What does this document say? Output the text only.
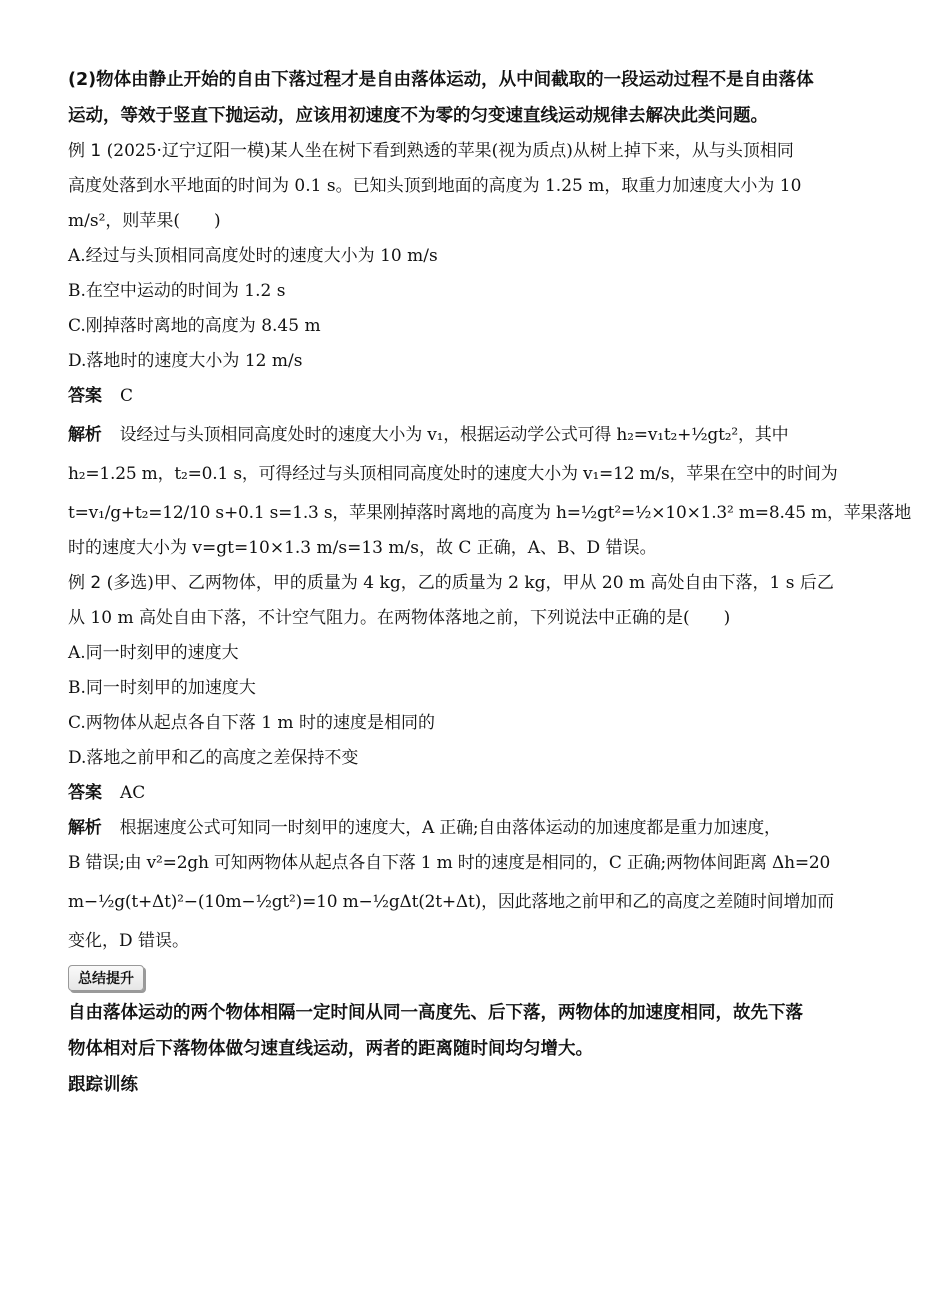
(2)物体由静止开始的自由下落过程才是自由落体运动，从中间截取的一段运动过程不是自由落体
运动，等效于竖直下抛运动，应该用初速度不为零的匀变速直线运动规律去解决此类问题。
例 1 (2025·辽宁辽阳一模)某人坐在树下看到熟透的苹果(视为质点)从树上掉下来，从与头顶相同
高度处落到水平地面的时间为 0.1 s。已知头顶到地面的高度为 1.25 m，取重力加速度大小为 10
m/s²，则苹果(　　)
A.经过与头顶相同高度处时的速度大小为 10 m/s
B.在空中运动的时间为 1.2 s
C.刚掉落时离地的高度为 8.45 m
D.落地时的速度大小为 12 m/s
答案 C
解析 设经过与头顶相同高度处时的速度大小为 v₁，根据运动学公式可得 h₂=v₁t₂+½gt₂²，其中
h₂=1.25 m，t₂=0.1 s，可得经过与头顶相同高度处时的速度大小为 v₁=12 m/s，苹果在空中的时间为
t=v₁/g+t₂=12/10 s+0.1 s=1.3 s，苹果刚掉落时离地的高度为 h=½gt²=½×10×1.3² m=8.45 m，苹果落地
时的速度大小为 v=gt=10×1.3 m/s=13 m/s，故 C 正确，A、B、D 错误。
例 2 (多选)甲、乙两物体，甲的质量为 4 kg，乙的质量为 2 kg，甲从 20 m 高处自由下落，1 s 后乙
从 10 m 高处自由下落，不计空气阻力。在两物体落地之前，下列说法中正确的是(　　)
A.同一时刻甲的速度大
B.同一时刻甲的加速度大
C.两物体从起点各自下落 1 m 时的速度是相同的
D.落地之前甲和乙的高度之差保持不变
答案 AC
解析 根据速度公式可知同一时刻甲的速度大，A 正确;自由落体运动的加速度都是重力加速度，
B 错误;由 v²=2gh 可知两物体从起点各自下落 1 m 时的速度是相同的，C 正确;两物体间距离 Δh=20
m−½g(t+Δt)²−(10m−½gt²)=10 m−½gΔt(2t+Δt)，因此落地之前甲和乙的高度之差随时间增加而
变化，D 错误。
总结提升
自由落体运动的两个物体相隔一定时间从同一高度先、后下落，两物体的加速度相同，故先下落
物体相对后下落物体做匀速直线运动，两者的距离随时间均匀增大。
跟踪训练
